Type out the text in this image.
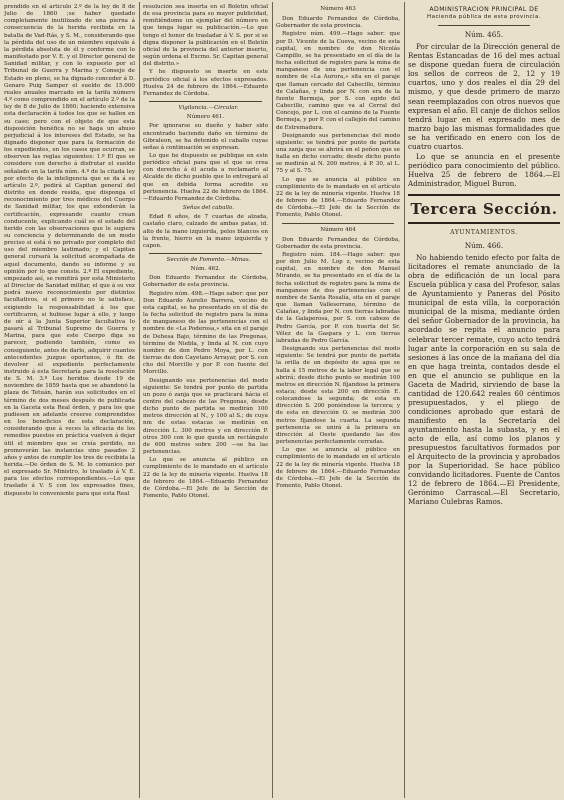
prendido en el artículo 2.º de la ley de 8 de Julio de 1860 ;se haber quedado completamente inutilizado de una pierna á consecuencia de la herida recibida en la batalla de Vad-Rás, y S. M., considerando que la pérdida del uso de un miembro equivale á la pérdida absoluta de él y conforme con lo manifestado por V. E. y el Director general de Sanidad militar, y con lo expuesto por el Tribunal de Guerra y Marina y Consejo de Estado en pleno, se ha dignado conceder á D. Genaro Puig Samper el sueldo de 15.000 reales anuales marcado en la tarifa número 4.º como comprendido en el artículo 2.º de la ley de 8 de Julio de 1860; haciendo extensiva esta declaración á todos los que se hallen en su caso; pero con el objeto de que esta disposición benéfica no se haga un abuso perjudicial á los intereses del Estado, se ha dignado disponer que para la formación de los expedientes, en los casos que ocurran, se observen las reglas siguientes: 1.º El que se considere con derecho á disfrutar el sueldo señalado en la tarifa núm. 4.º de la citada ley por efecto de la inteligencia que se da á su artículo 2.º, pedirá al Capitan general del distrito en donde resida, que disponga el reconocimiento por tres médicos del Cuerpo de Sanidad militar, los que extenderán la certificación, expresando cuanto crean conducente, explicando cuál es el estado del herido con las observaciones que le sugiera su conciencia y determinando de un modo preciso si está ó no privado por completo del uso del miembro lastimado; y el Capitan general cursará la solicitud acompañada de aquel documento, dando su informe y su opinión por lo que conste. 2.º El expediente, empezado así, se remitirá por esta Ministerio al Director de Sanidad militar, el que á su vez podrá nuevo reconocimiento por distintos facultativos, si el primero no le satisface, exigiendo la responsabilidad á los que certificaron, si hubiese lugar á ello, y luego de oír á la Junta Superior facultativa lo pasará al Tribunal Supremo de Guerra y Marina, para que este Cuerpo diga su parecer, pudiendo también, como es consiguiente, antes de darlo, adquirir cuantos antecedentes juzgue oportunos, ó fin de devolver el expediente perfectamente instruido á esta Secretaría para la resolución de S. M. 3.º Los heridos desde 19 de noviembre de 1859 hasta que se abandonó la plaza de Tetuán, harán sus solicitudes en el término de dos meses después de publicada en la Gaceta esta Real órden, y para los que pudiesen en adelante creerse comprendidos en los beneficios de esta declaración, considerando que á veces la eficacia de los remedios puestos en práctica vuelven á dejar útil el miembro que se creía perdido, no promoverán las instancias sino pasados 2 años y antes de cumplir los tres de recibida la herida.—De órden de S. M. lo comunico por el expresado Sr. Ministro, lo traslado á V. E. para los efectos correspondientes.—Lo que traslado á V. S con los expresados fines, dispuesto lo conveniente para que esta Real

resolución sea inserta en el Boletín oficial de esa provincia para su mayor publicidad, remitiéndome un ejemplar del número en que tenga lugar su publicación.—Lo que tengo el honor de trasladar á V. S. por si se digna disponer la publicación en el Boletín oficial de la provincia del anterior inserto, según ordena el Excmo. Sr. Capitan general del distrito.»

Y he dispuesto se inserte en este periódico oficial á los efectos expresados. Huelva 24 de febrero de 1864.—Eduardo Fernandez de Córdoba.

Vigilancia.—Circular.

Número 461.

Por ignorarse su dueño y haber sido encontrado haciendo daño en término de Gibraleon, se ha detenido el caballo cuyas señas á continuación se expresan.

Lo que he dispuesto se publique en este periódico oficial para que el que se crea con derecho á él acuda a reclamarlo al Alcalde de dicho pueblo que lo entregará al que en debida forma acredite su pertenencia. Huelva 22 de febrero de 1864. —Eduardo Fernandez de Córdoba.

Señas del caballo.

Edad 6 años, de 7 cuartas de alzada, castaño claro, calzado de ambas patas, id. alto de la mano izquierda, pelos blancos en la frente, hierro en la mano izquierda y capon.

Sección de Fomento.—Minas.

Núm. 462.

Don Eduardo Fernandez de Córdoba, Gobernador de esta provincia.

Registro núm. 498.—Hago saber: que por Don Eduardo Aurelio Barrera, vecino de esta capital, se ha presentado en el día de la fecha solicitud de registro para la mina de manganeso de las pertenencias con el nombre de «La Poderosa,» sita en el paraje de Dehesa Bajo, término de las Pregonas, término de Niebla, y linda al N. con cuyo nombre de don Pedro Moya, por L. con tierras de don Cayetano Arrayar, por S. con cho del Morcillo y por P. con fuente del Morcillo.

Designando sus pertenencias del modo siguiente: Se tendrá por punto de partida un pozo ó zanja que se practicará hácia el centro del cabezo de las Pregonas, desde dicho punto de partida se medirán 100 metros dirección al N., y 100 al S.; de cuya nm de estas estacas se medirán en dirección L. 300 metros y en dirección P. otros 300 con lo que queda un rectángulo de 600 metros sobre 200 —se ha las pertenencias.

Lo que se anuncia al público en cumplimiento de lo mandado en el artículo 22 de la ley de minería vigente. Huelva 18 de febrero de 1864.—Eduardo Fernandez de Córdoba.—El Jefe de la Sección de Fomento, Pablo Otonel.

Número 463

Don Eduardo Fernandez de Córdoba, Gobernador de esta provincia.

Registro núm. 499.—Hago saber: que por D. Vicente de la Cueva, vecino de esta capital, en nombre de don Nicolás Campillo, se ha presentado en el día de la fecha solicitud de registro para la mina de manganeso de una pertenencia con el nombre de «La Aurora,» sita en el paraje que llaman cercado del Cabecillo, término de Calañas, y linda por N. con era de la fuente Bermeja, por S. con egido del Cabecillo, camino que va al Cerral del Concejo, por L. con el camino de la Fuente Bermeja, y por P. con el callejón del camino de Estremadura.

Designando sus pertenencias del modo siguiente: se tendrá por punto de partida una zanja que se abrirá en el peñon que se halla en dicho cercado; desde dicho punto se medirán al N. 200 metros, á P. 30, al L. 75 y al S. 75.

Lo que se anuncia al público en cumplimiento de lo mandado en el artículo 22 de la ley de minería vigente. Huelva 18 de febrero de 1864.—Eduardo Fernandez de Córdoba.—El Jefe de la Sección de Fomento, Pablo Otonel.

Número 464

Don Eduardo Fernandez de Córdoba, Gobernador de esta provincia.

Registro núm. 184.—Hago saber: que por don Julio M. Lop z, vecino de esta capital, en nombre de don Manuel Mirando, se ha presentado en el día de la fecha solicitud de registro para la mina de manganeso de dos pertenencias con el nombre de Santa Rosalía, sita en el paraje que llaman Valleserrano, término de Calañas, y linda por N. con tierras labradas de la Galaperosa, por S. con cabezo de Pedro García, por P. con huerta del Sr. Vélez de la Gaspara y L. con tierras labradas de Pedro García.

Designando sus pertenencias del modo siguiente: Se tendrá por punto de partida la orilla de un depósito de agua que se halla á 15 metros de la labor legal que se abrirá; desde dicho punto se medirán 100 metros en dirección N. fíjandose la primera estaca; desde esta 200 en dirección E. colocandose la segunda; de esta en dirección S. 200 poniéndose la tercera; y de esta en dirección O. se medirán 300 metros fíjandose la cuarta. La segunda pertenencia se unirá á la primera en dirección al Oeste quedando las dos pertenencias perfectamente cerradas.

Lo que se anuncia al público en cumplimiento de lo mandado en el artículo 22 de la ley de minería vigente. Huelva 18 de febrero de 1864.—Eduardo Fernandez de Córdoba.—El Jefe de la Sección de Fomento, Pablo Otonel.

ADMINISTRACION PRINCIPAL DE
Hacienda pública de esta provincia.

Núm. 465.

Por circular de la Dirección general de Rentas Estancadas de 16 del mes actual se dispone quedan fuera de circulación los sellos de correos de 2, 12 y 19 cuartos, uno y dos reales el día 29 del mismo, y que desde primero de marzo sean reemplazados con otros nuevos que expresan el año. El canje de dichos sellos tendrá lugar en el expresado mes de marzo bajo las mismas formalidades que se ha verificado en enero con los de cuatro cuartos.

Lo que se anuncia en el presente periódico para conocimiento del público. Huelva 25 de febrero de 1864.—El Administrador, Miguel Buron.

Tercera Sección.
AYUNTAMIENTOS.

Núm. 466.

No habiendo tenido efecto por falta de licitadores el remate anunciado de la obra de edificación de un local para Escuela pública y casa del Profesor, salas de Ayuntamiento y Paneras del Pósito municipal de esta villa, la corporación municipal de la misma, mediante órden del señor Gobernador de la provincia, ha acordado se repita el anuncio para celebrar tercer remate, cuyo acto tendrá lugar ante la corporación en su sala de sesiones á las once de la mañana del día en que haga treinta, contados desde el en que el anuncio se publique en la Gaceta de Madrid, sirviendo de base la cantidad de 120.642 reales 60 céntimos presupuestados, y el pliego de condiciones aprobado que estará de manifiesto en la Secretaría del ayuntamiento hasta la subasta, y en el acto de ella, así como los planos y presupuestos facultativos formados por el Arquitecto de la provincia y aprobados por la Superioridad. Se hace público convidando licitadores. Fuente de Cantos 12 de febrero de 1864.—El Presidente, Gerónimo Carrascal.—El Secretario, Mariano Culebras Ramos.
